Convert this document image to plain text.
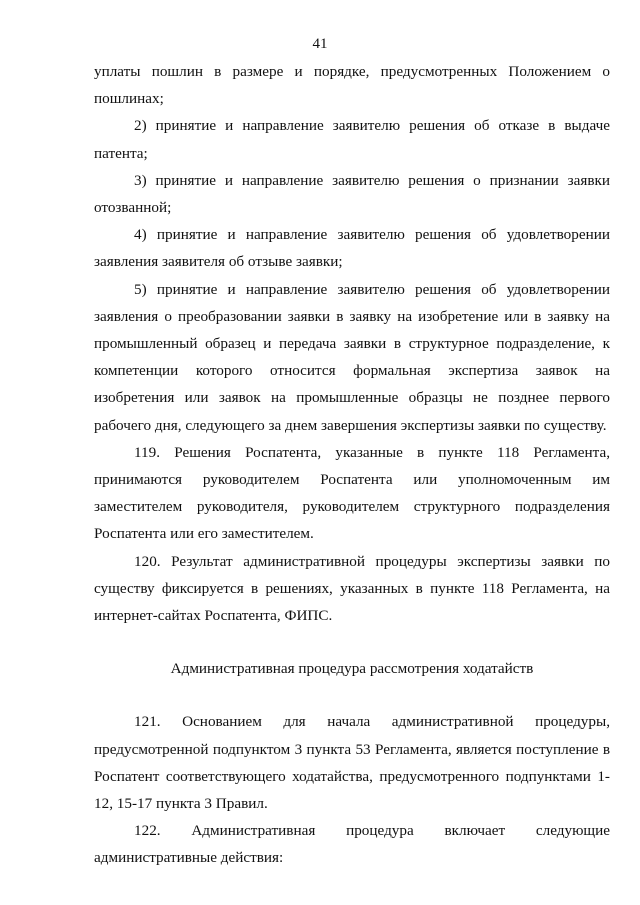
41

уплаты пошлин в размере и порядке, предусмотренных Положением о пошлинах;

2) принятие и направление заявителю решения об отказе в выдаче патента;

3) принятие и направление заявителю решения о признании заявки отозванной;

4) принятие и направление заявителю решения об удовлетворении заявления заявителя об отзыве заявки;

5) принятие и направление заявителю решения об удовлетворении заявления о преобразовании заявки в заявку на изобретение или в заявку на промышленный образец и передача заявки в структурное подразделение, к компетенции которого относится формальная экспертиза заявок на изобретения или заявок на промышленные образцы не позднее первого рабочего дня, следующего за днем завершения экспертизы заявки по существу.

119. Решения Роспатента, указанные в пункте 118 Регламента, принимаются руководителем Роспатента или уполномоченным им заместителем руководителя, руководителем структурного подразделения Роспатента или его заместителем.

120. Результат административной процедуры экспертизы заявки по существу фиксируется в решениях, указанных в пункте 118 Регламента, на интернет-сайтах Роспатента, ФИПС.

Административная процедура рассмотрения ходатайств

121. Основанием для начала административной процедуры, предусмотренной подпунктом 3 пункта 53 Регламента, является поступление в Роспатент соответствующего ходатайства, предусмотренного подпунктами 1-12, 15-17 пункта 3 Правил.

122. Административная процедура включает следующие административные действия:
